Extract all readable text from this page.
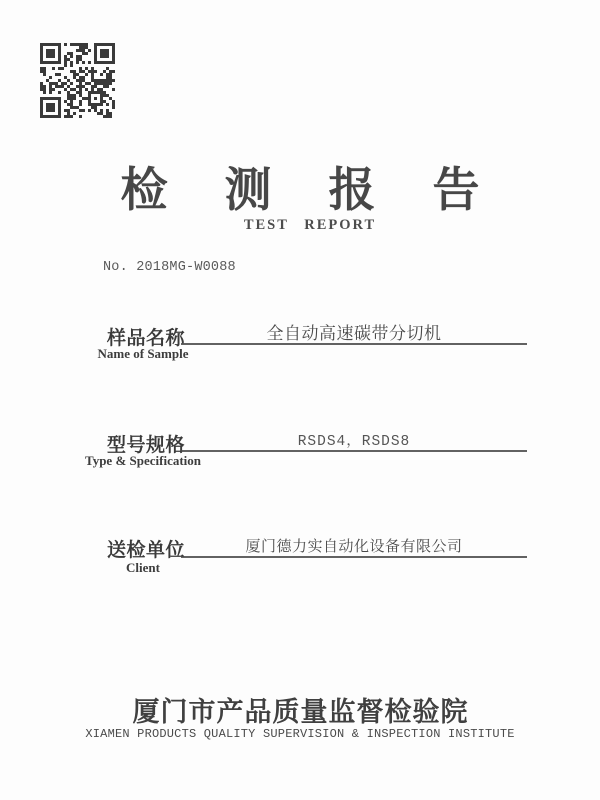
检测报告
TEST REPORT
No. 2018MG-W0088
样品名称	全自动高速碳带分切机
Name of Sample
型号规格	RSDS4，RSDS8
Type & Specification
送检单位	厦门德力实自动化设备有限公司
Client
厦门市产品质量监督检验院
XIAMEN PRODUCTS QUALITY SUPERVISION & INSPECTION INSTITUTE
